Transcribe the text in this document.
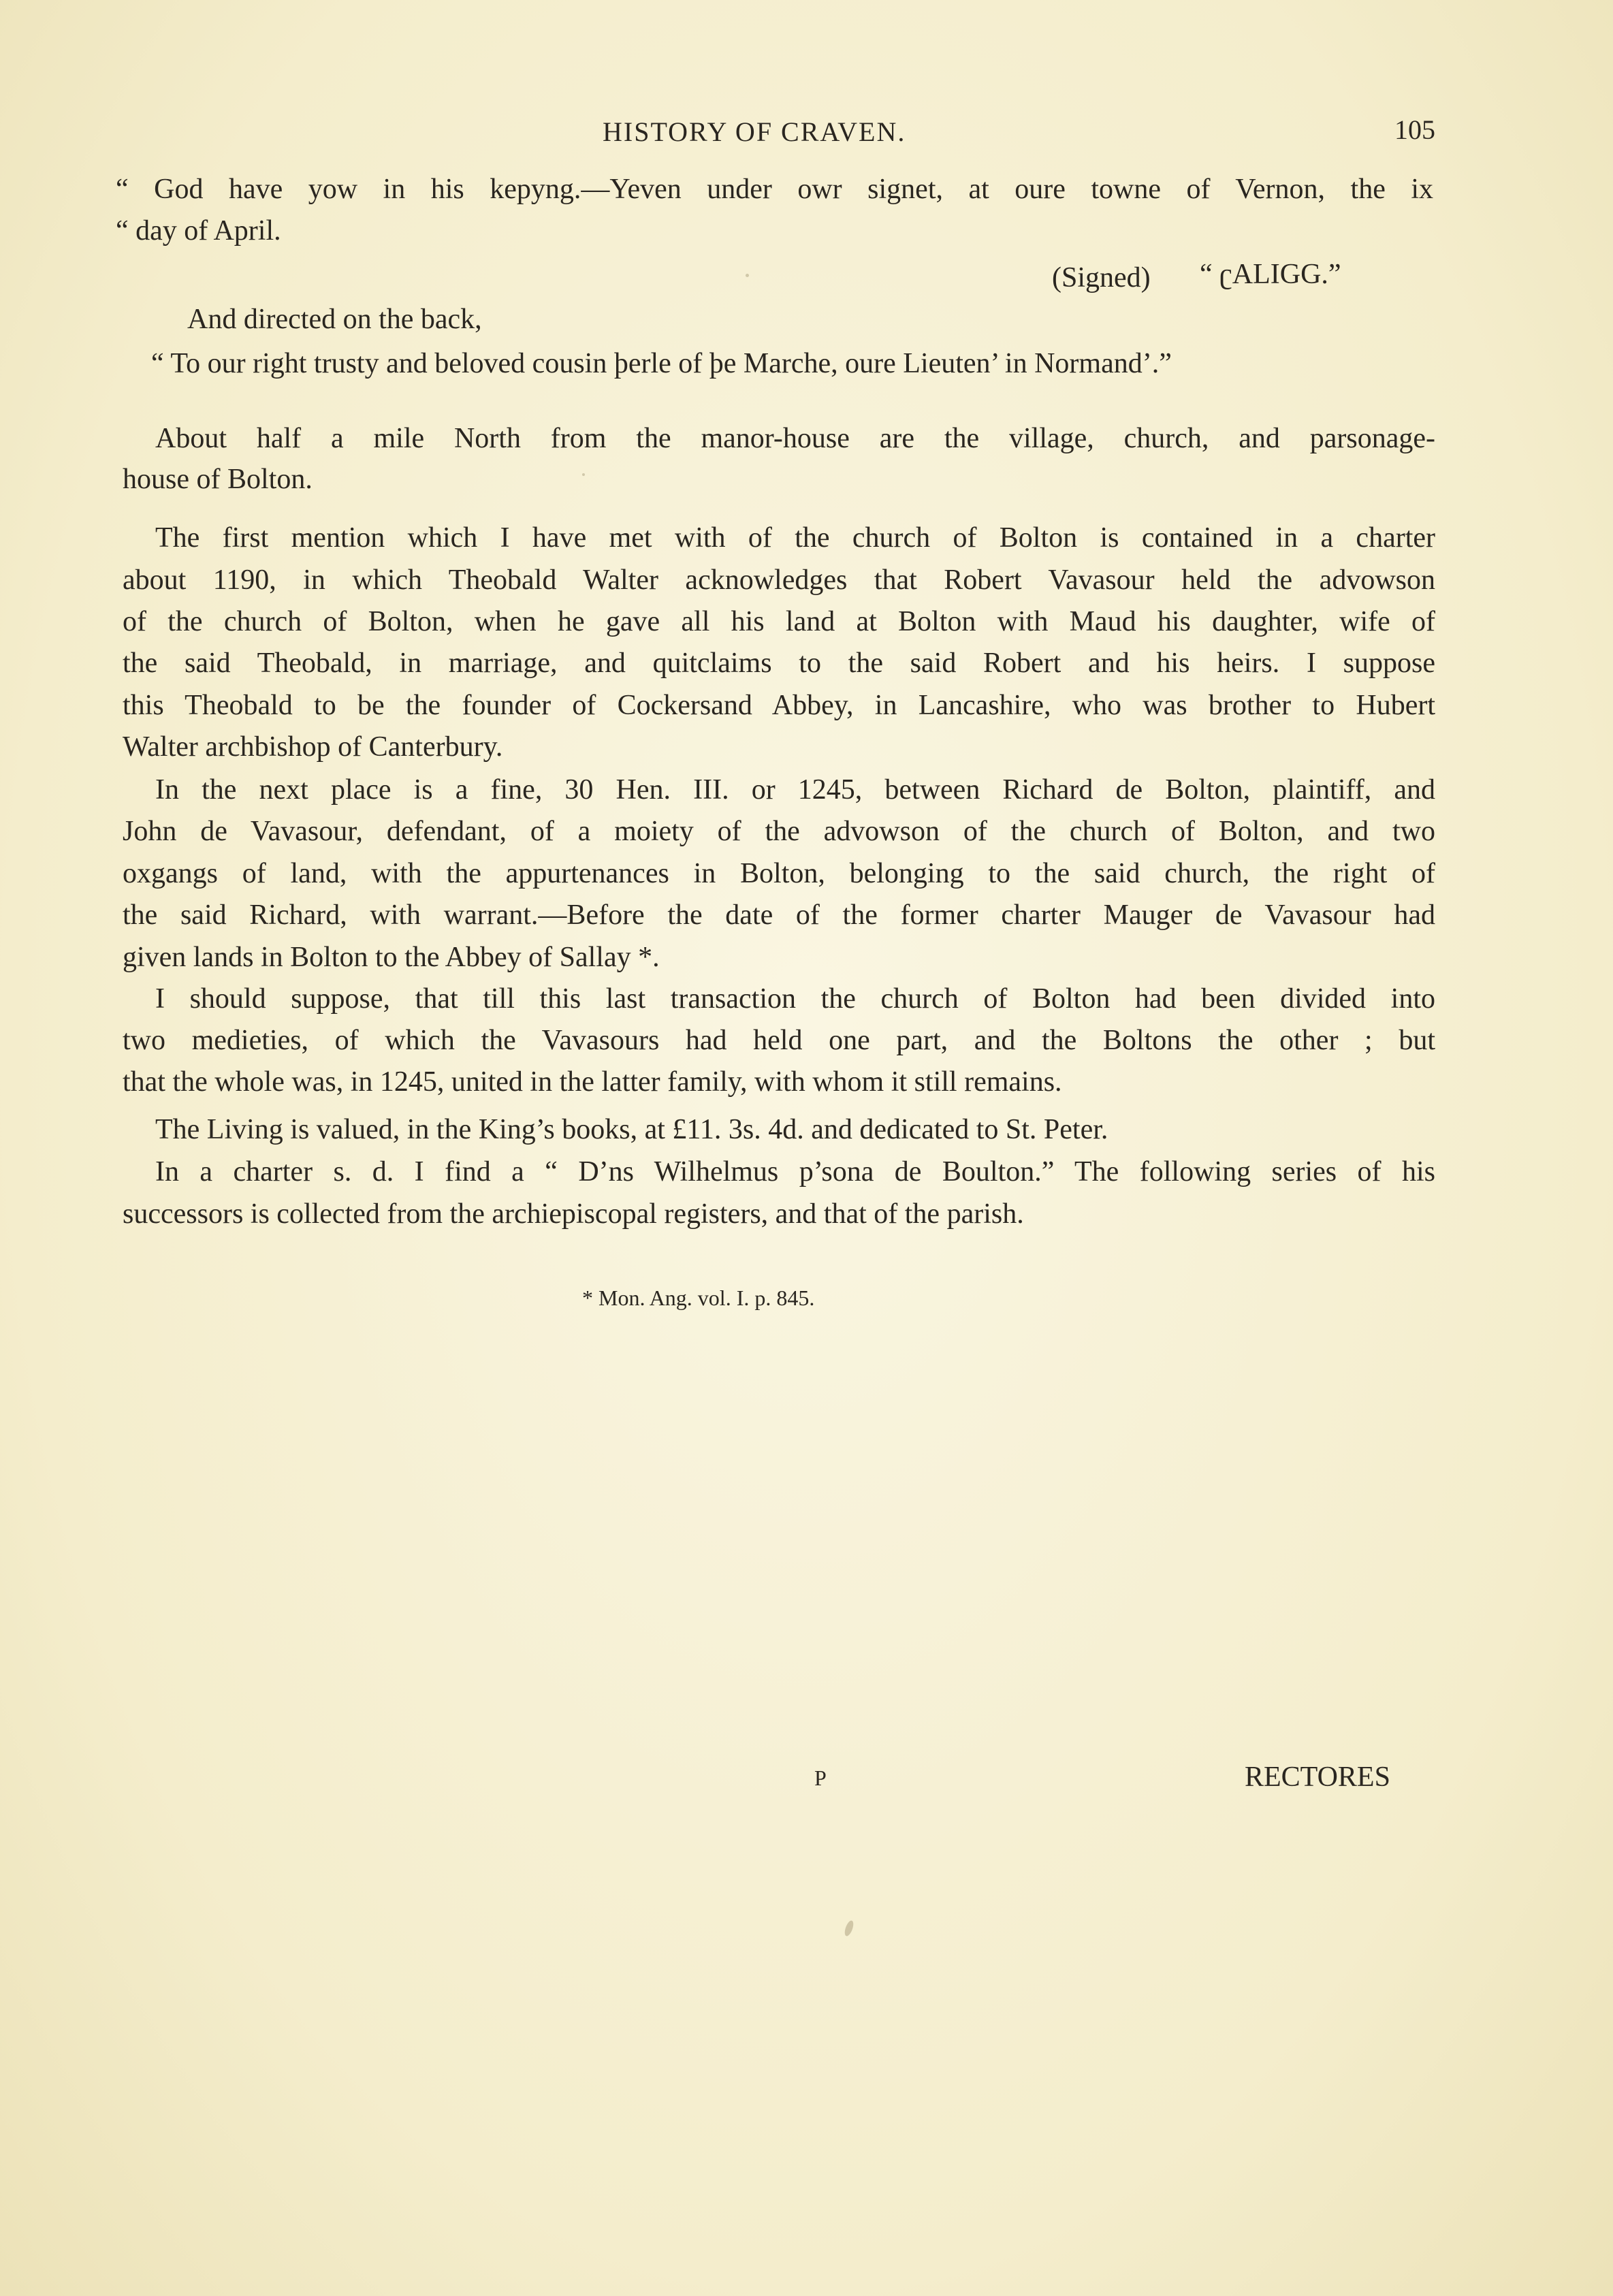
HISTORY OF CRAVEN.	105
“ God have yow in his kepyng.—Yeven under owr signet, at oure towne of Vernon, the ix
“ day of April.
(Signed) “ ʗALIGG.”
And directed on the back,
“ To our right trusty and beloved cousin þerle of þe Marche, oure Lieuten’ in Normand’.”
About half a mile North from the manor-house are the village, church, and parsonage-
house of Bolton.
The first mention which I have met with of the church of Bolton is contained in a charter
about 1190, in which Theobald Walter acknowledges that Robert Vavasour held the advowson
of the church of Bolton, when he gave all his land at Bolton with Maud his daughter, wife of
the said Theobald, in marriage, and quitclaims to the said Robert and his heirs. I suppose
this Theobald to be the founder of Cockersand Abbey, in Lancashire, who was brother to Hubert
Walter archbishop of Canterbury.
In the next place is a fine, 30 Hen. III. or 1245, between Richard de Bolton, plaintiff, and
John de Vavasour, defendant, of a moiety of the advowson of the church of Bolton, and two
oxgangs of land, with the appurtenances in Bolton, belonging to the said church, the right of
the said Richard, with warrant.—Before the date of the former charter Mauger de Vavasour had
given lands in Bolton to the Abbey of Sallay *.
I should suppose, that till this last transaction the church of Bolton had been divided into
two medieties, of which the Vavasours had held one part, and the Boltons the other ; but
that the whole was, in 1245, united in the latter family, with whom it still remains.
The Living is valued, in the King’s books, at £11. 3s. 4d. and dedicated to St. Peter.
In a charter s. d. I find a “ D’ns Wilhelmus p’sona de Boulton.” The following series of his
successors is collected from the archiepiscopal registers, and that of the parish.
* Mon. Ang. vol. I. p. 845.
P	RECTORES
